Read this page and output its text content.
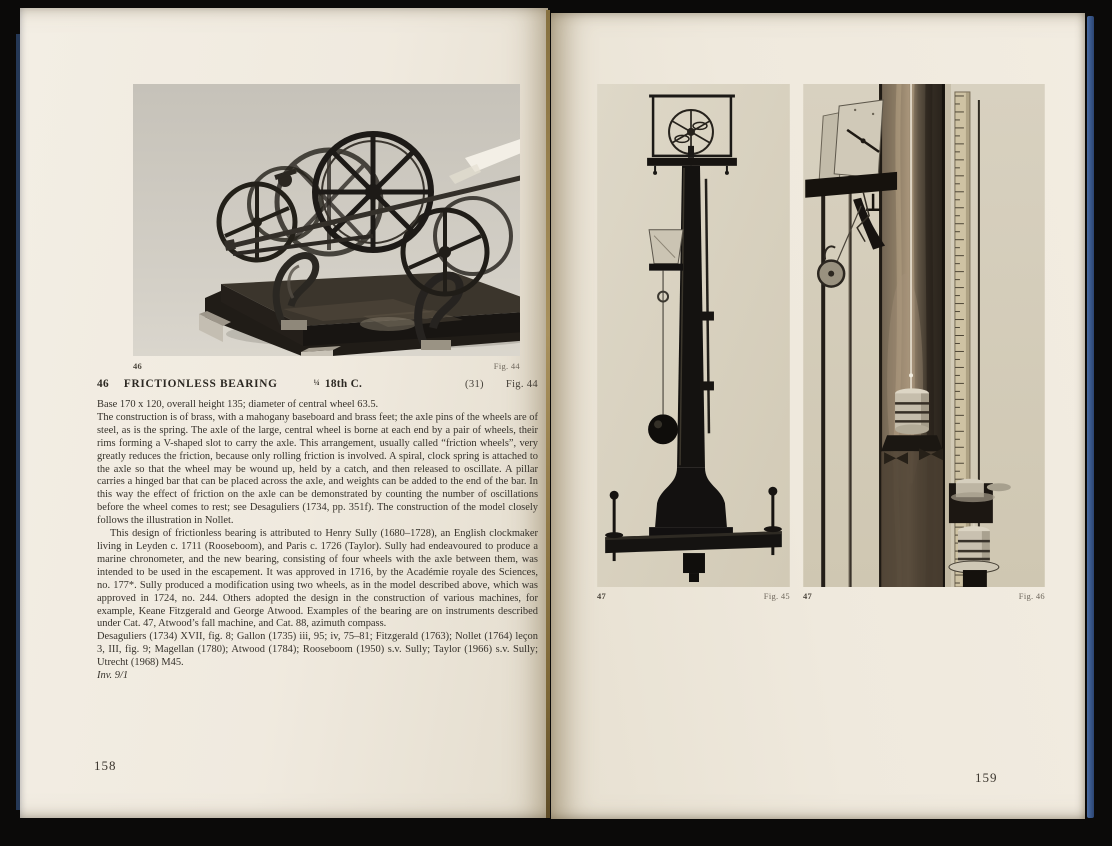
46	Fig. 44
46 FRICTIONLESS BEARING	¼ 18th C.	(31) Fig. 44

Base 170 x 120, overall height 135; diameter of central wheel 63.5.

The construction is of brass, with a mahogany baseboard and brass feet; the axle pins of the wheels are of steel, as is the spring. The axle of the large, central wheel is borne at each end by a pair of wheels, their rims forming a V-shaped slot to carry the axle. This arrangement, usually called “friction wheels”, very greatly reduces the friction, because only rolling friction is involved. A spiral, clock spring is attached to the axle so that the wheel may be wound up, held by a catch, and then released to oscillate. A pillar carries a hinged bar that can be placed across the axle, and weights can be added to the end of the bar. In this way the effect of friction on the axle can be demonstrated by counting the number of oscillations before the wheel comes to rest; see Desaguliers (1734, pp. 351f). The construction of the model closely follows the illustration in Nollet.

This design of frictionless bearing is attributed to Henry Sully (1680–1728), an English clockmaker living in Leyden c. 1711 (Rooseboom), and Paris c. 1726 (Taylor). Sully had endeavoured to produce a marine chronometer, and the new bearing, consisting of four wheels with the axle between them, was intended to be used in the escapement. It was approved in 1716, by the Académie royale des Sciences, no. 177*. Sully produced a modification using two wheels, as in the model described above, which was approved in 1724, no. 244. Others adopted the design in the construction of various machines, for example, Keane Fitzgerald and George Atwood. Examples of the bearing are on instruments described under Cat. 47, Atwood’s fall machine, and Cat. 88, azimuth compass.

Desaguliers (1734) XVII, fig. 8; Gallon (1735) iii, 95; iv, 75–81; Fitzgerald (1763); Nollet (1764) leçon 3, III, fig. 9; Magellan (1780); Atwood (1784); Rooseboom (1950) s.v. Sully; Taylor (1966) s.v. Sully; Utrecht (1968) M45.

Inv. 9/1

158
47	Fig. 45 47	Fig. 46
159
